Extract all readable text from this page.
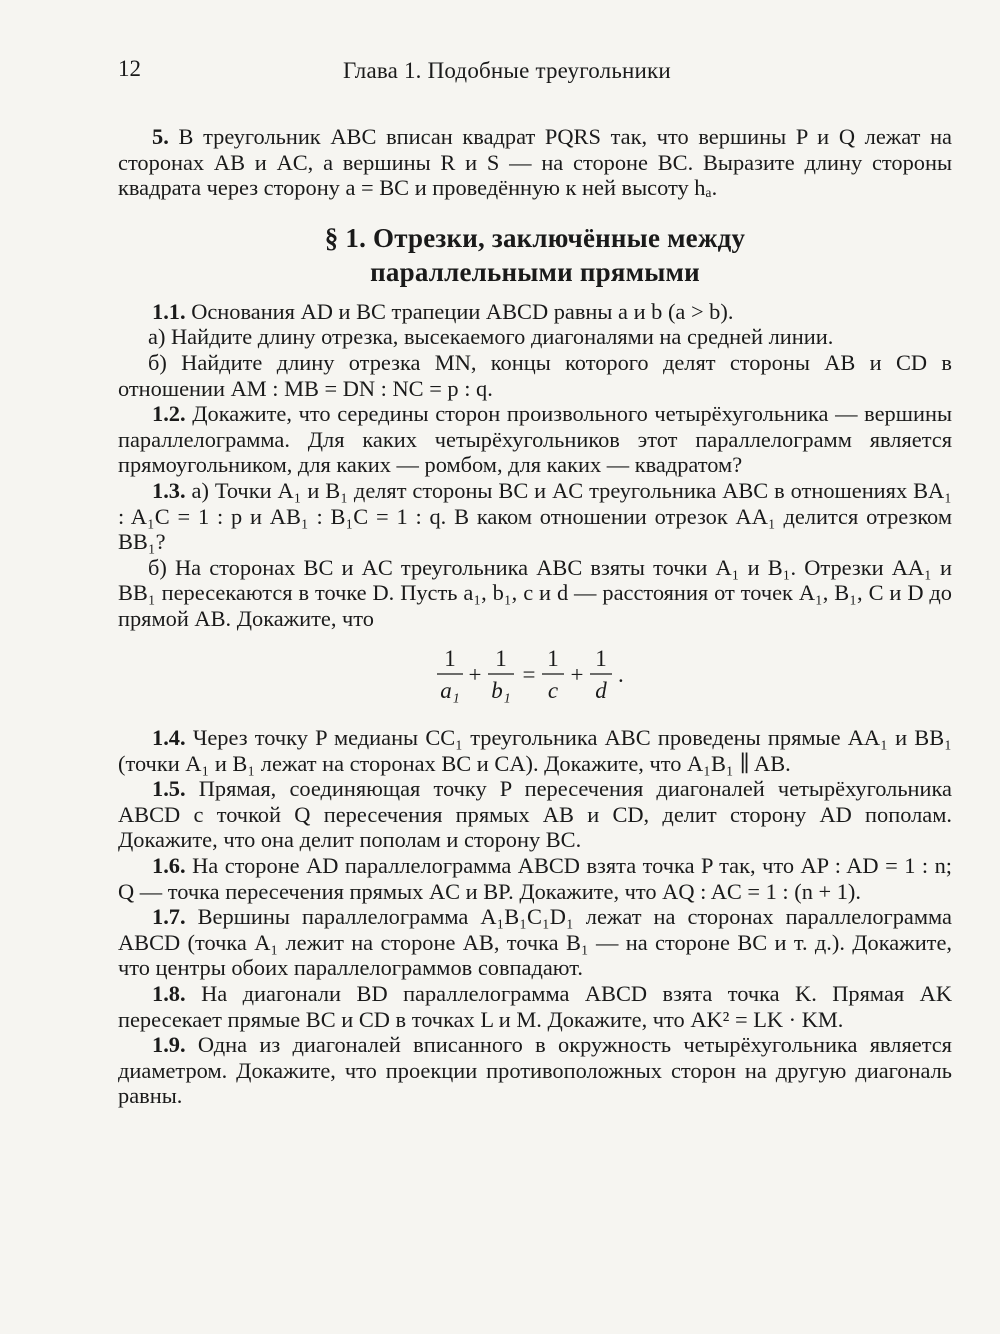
12	Глава 1. Подобные треугольники

5. В треугольник ABC вписан квадрат PQRS так, что вершины P и Q лежат на сторонах AB и AC, а вершины R и S — на стороне BC. Выразите длину стороны квадрата через сторону a = BC и проведённую к ней высоту hₐ.

§ 1. Отрезки, заключённые между
параллельными прямыми

1.1. Основания AD и BC трапеции ABCD равны a и b (a > b).

а) Найдите длину отрезка, высекаемого диагоналями на средней линии.

б) Найдите длину отрезка MN, концы которого делят стороны AB и CD в отношении AM : MB = DN : NC = p : q.

1.2. Докажите, что середины сторон произвольного четырёхугольника — вершины параллелограмма. Для каких четырёхугольников этот параллелограмм является прямоугольником, для каких — ромбом, для каких — квадратом?

1.3. а) Точки A₁ и B₁ делят стороны BC и AC треугольника ABC в отношениях BA₁ : A₁C = 1 : p и AB₁ : B₁C = 1 : q. В каком отношении отрезок AA₁ делится отрезком BB₁?

б) На сторонах BC и AC треугольника ABC взяты точки A₁ и B₁. Отрезки AA₁ и BB₁ пересекаются в точке D. Пусть a₁, b₁, c и d — расстояния от точек A₁, B₁, C и D до прямой AB. Докажите, что

1
a₁
+
1
b₁
=
1
c
+
1
d
.

1.4. Через точку P медианы CC₁ треугольника ABC проведены прямые AA₁ и BB₁ (точки A₁ и B₁ лежат на сторонах BC и CA). Докажите, что A₁B₁ ∥ AB.

1.5. Прямая, соединяющая точку P пересечения диагоналей четырёхугольника ABCD с точкой Q пересечения прямых AB и CD, делит сторону AD пополам. Докажите, что она делит пополам и сторону BC.

1.6. На стороне AD параллелограмма ABCD взята точка P так, что AP : AD = 1 : n; Q — точка пересечения прямых AC и BP. Докажите, что AQ : AC = 1 : (n + 1).

1.7. Вершины параллелограмма A₁B₁C₁D₁ лежат на сторонах параллелограмма ABCD (точка A₁ лежит на стороне AB, точка B₁ — на стороне BC и т. д.). Докажите, что центры обоих параллелограммов совпадают.

1.8. На диагонали BD параллелограмма ABCD взята точка K. Прямая AK пересекает прямые BC и CD в точках L и M. Докажите, что AK² = LK · KM.

1.9. Одна из диагоналей вписанного в окружность четырёхугольника является диаметром. Докажите, что проекции противоположных сторон на другую диагональ равны.
